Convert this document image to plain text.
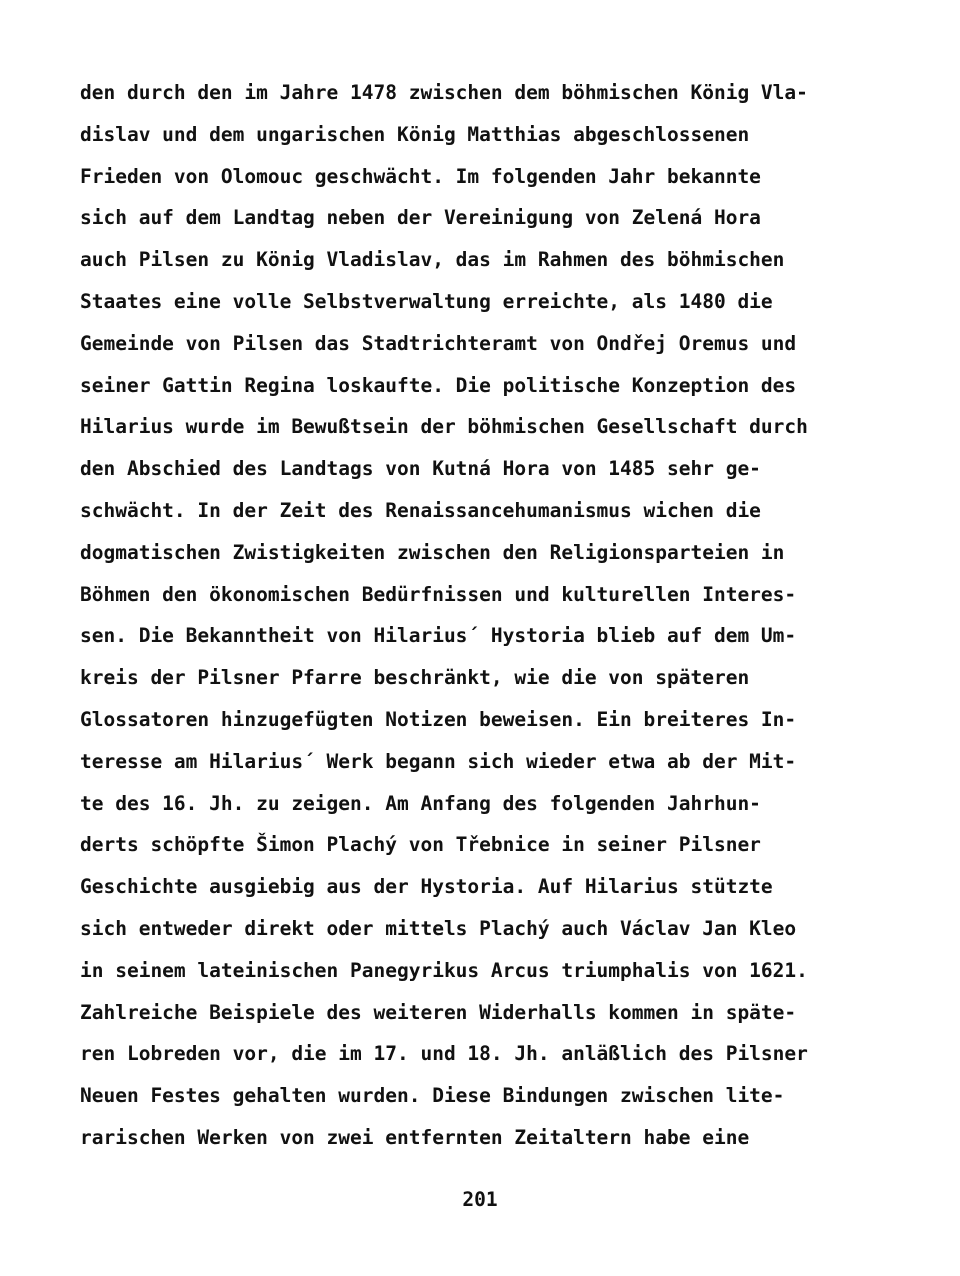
den durch den im Jahre 1478 zwischen dem böhmischen König Vla-
dislav und dem ungarischen König Matthias abgeschlossenen
Frieden von Olomouc geschwächt. Im folgenden Jahr bekannte
sich auf dem Landtag neben der Vereinigung von Zelená Hora
auch Pilsen zu König Vladislav, das im Rahmen des böhmischen
Staates eine volle Selbstverwaltung erreichte, als 1480 die
Gemeinde von Pilsen das Stadtrichteramt von Ondřej Oremus und
seiner Gattin Regina loskaufte. Die politische Konzeption des
Hilarius wurde im Bewußtsein der böhmischen Gesellschaft durch
den Abschied des Landtags von Kutná Hora von 1485 sehr ge-
schwächt. In der Zeit des Renaissancehumanismus wichen die
dogmatischen Zwistigkeiten zwischen den Religionsparteien in
Böhmen den ökonomischen Bedürfnissen und kulturellen Interes-
sen. Die Bekanntheit von Hilarius´ Hystoria blieb auf dem Um-
kreis der Pilsner Pfarre beschränkt, wie die von späteren
Glossatoren hinzugefügten Notizen beweisen. Ein breiteres In-
teresse am Hilarius´ Werk begann sich wieder etwa ab der Mit-
te des 16. Jh. zu zeigen. Am Anfang des folgenden Jahrhun-
derts schöpfte Šimon Plachý von Třebnice in seiner Pilsner
Geschichte ausgiebig aus der Hystoria. Auf Hilarius stützte
sich entweder direkt oder mittels Plachý auch Václav Jan Kleo
in seinem lateinischen Panegyrikus Arcus triumphalis von 1621.
Zahlreiche Beispiele des weiteren Widerhalls kommen in späte-
ren Lobreden vor, die im 17. und 18. Jh. anläßlich des Pilsner
Neuen Festes gehalten wurden. Diese Bindungen zwischen lite-
rarischen Werken von zwei entfernten Zeitaltern habe eine
201
